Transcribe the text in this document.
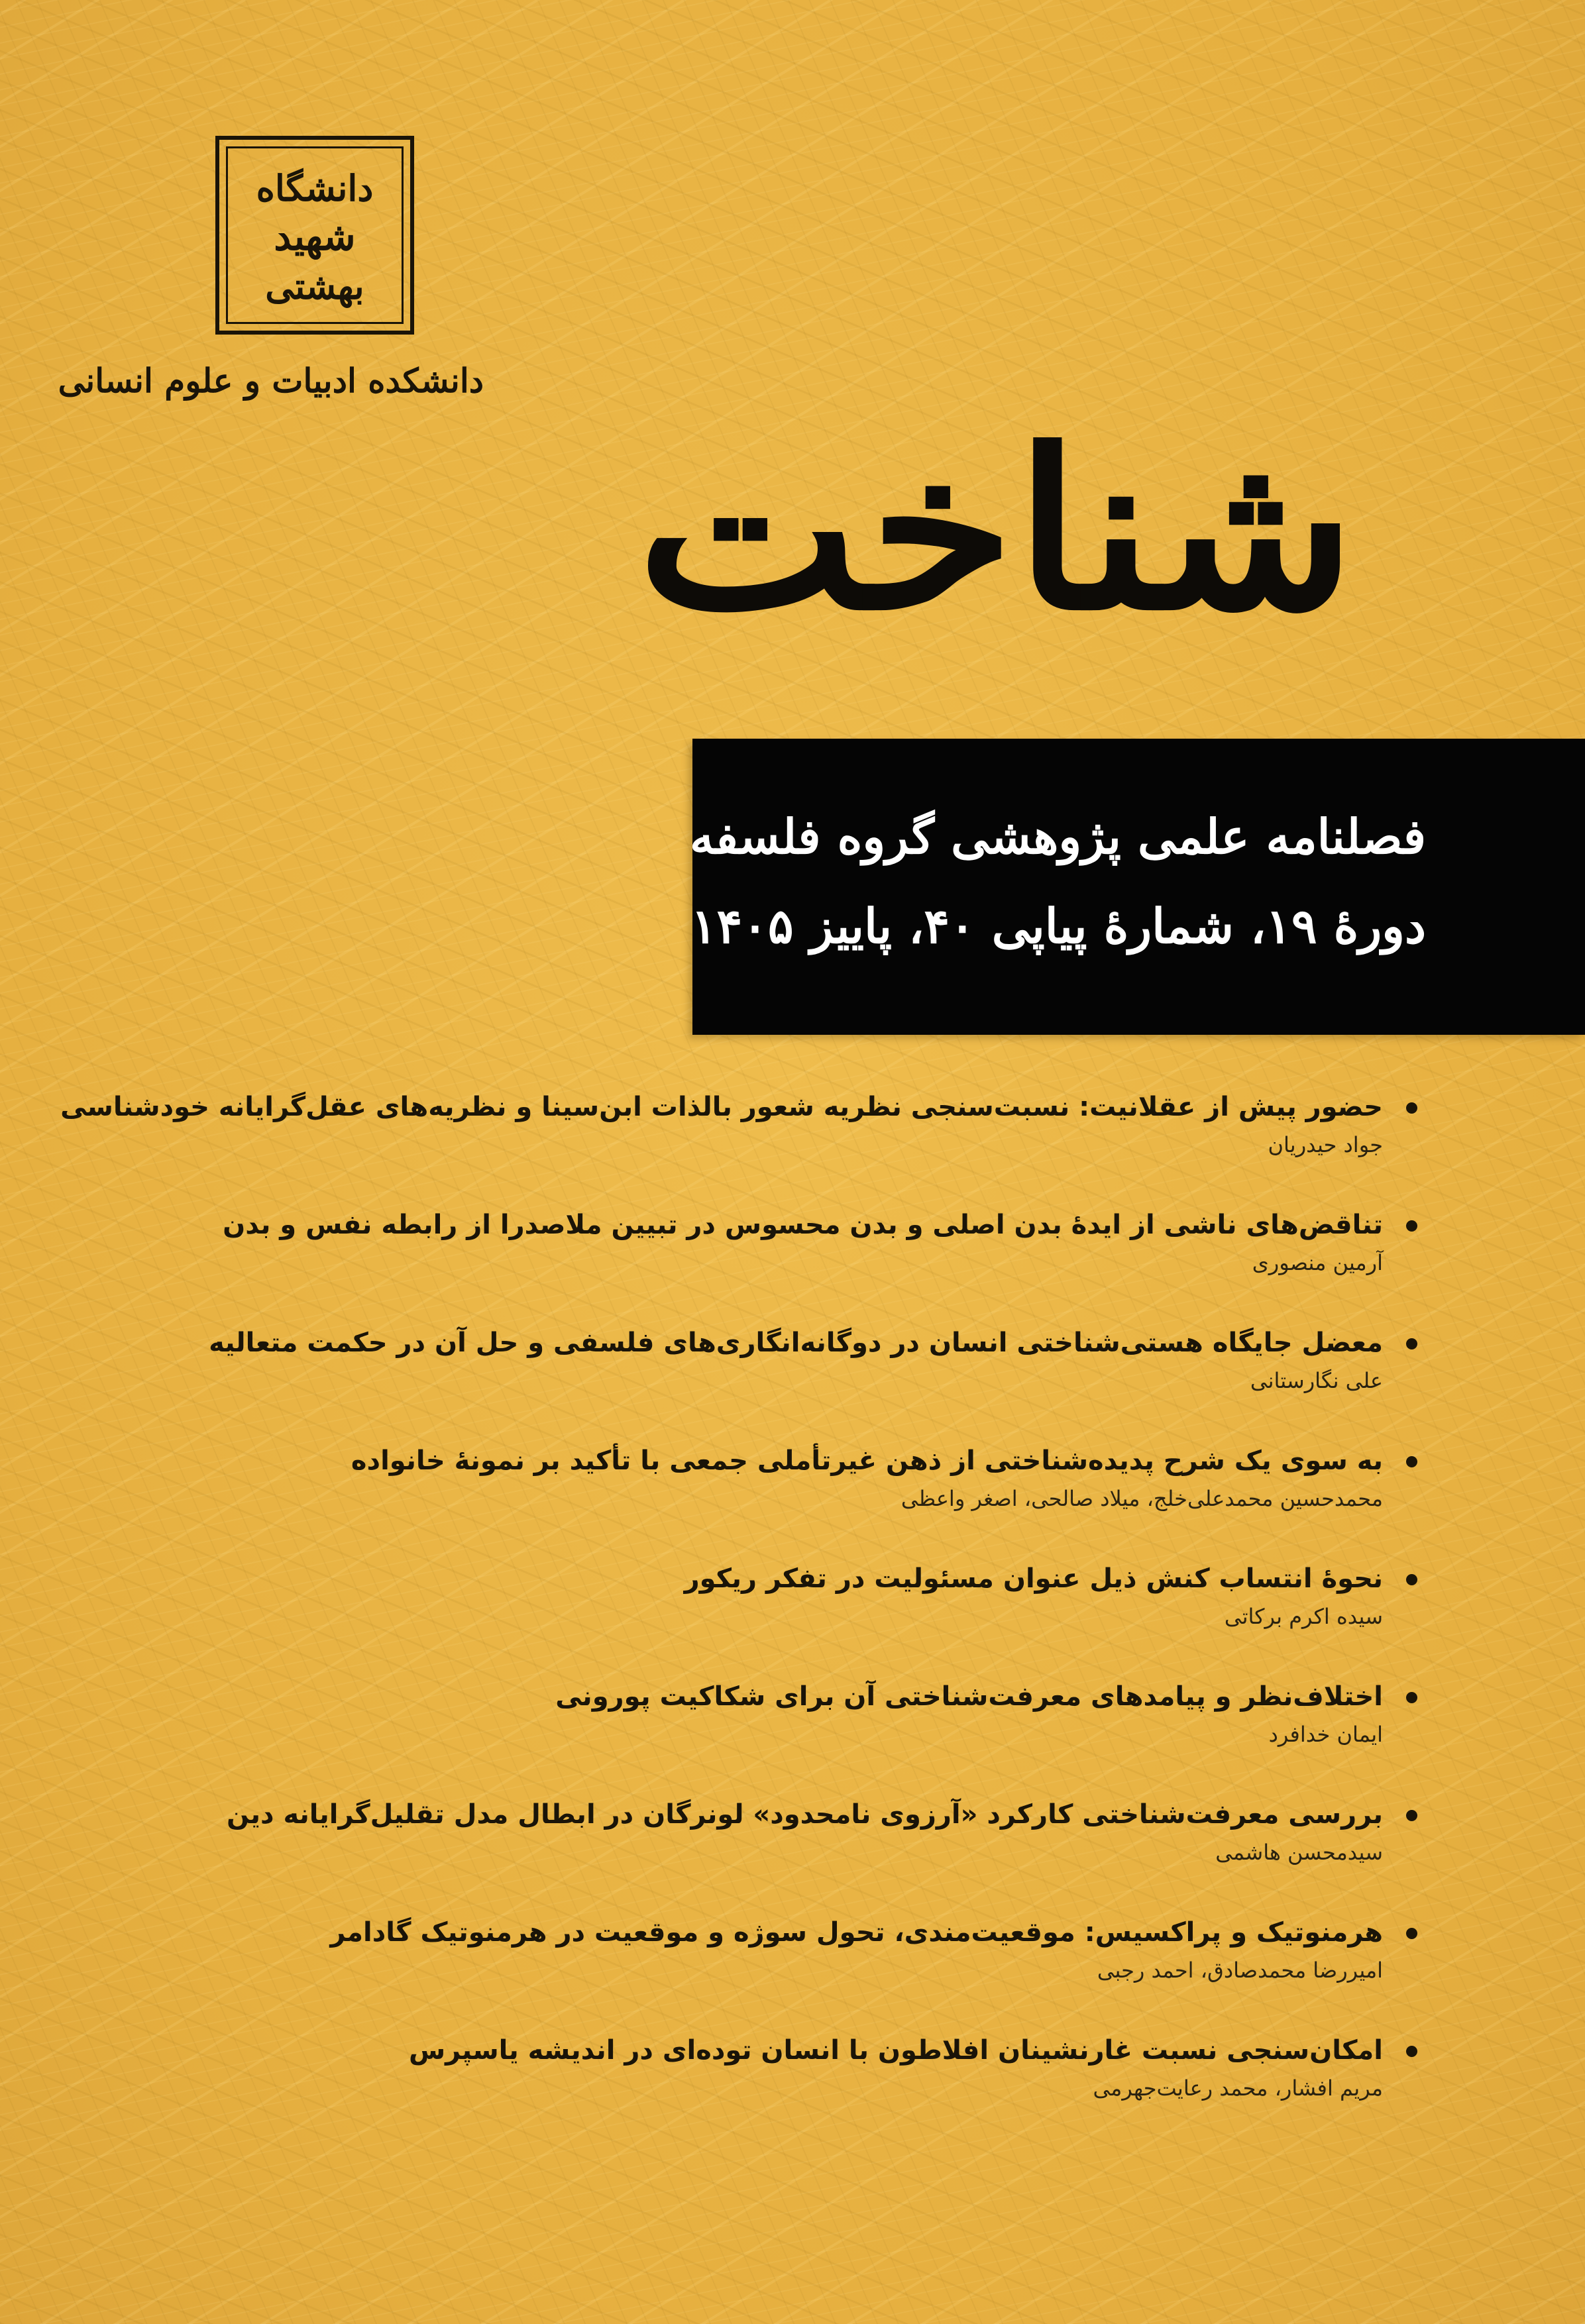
دانشگاه
شهید
بهشتی
دانشکده ادبیات و علوم انسانی
شناخت
فصلنامه علمی پژوهشی گروه فلسفه
دورۀ ۱۹، شمارۀ پیاپی ۴۰، پاییز ۱۴۰۵
حضور پیش از عقلانیت: نسبت‌سنجی نظریه شعور بالذات ابن‌سینا و نظریه‌های عقل‌گرایانه خودشناسی
جواد حیدریان
تناقض‌های ناشی از ایدۀ بدن اصلی و بدن محسوس در تبیین ملاصدرا از رابطه نفس و بدن
آرمین منصوری
معضل جایگاه هستی‌شناختی انسان در دوگانه‌انگاری‌های فلسفی و حل آن در حکمت متعالیه
علی نگارستانی
به سوی یک شرح پدیده‌شناختی از ذهن غیرتأملی جمعی با تأکید بر نمونۀ خانواده
محمدحسین محمدعلی‌خلج، میلاد صالحی، اصغر واعظی
نحوۀ انتساب کنش ذیل عنوان مسئولیت در تفکر ریکور
سیده اکرم برکاتی
اختلاف‌نظر و پیامدهای معرفت‌شناختی آن برای شکاکیت پورونی
ایمان خدافرد
بررسی معرفت‌شناختی کارکرد «آرزوی نامحدود» لونرگان در ابطال مدل تقلیل‌گرایانه دین
سیدمحسن هاشمی
هرمنوتیک و پراکسیس: موقعیت‌مندی، تحول سوژه و موقعیت در هرمنوتیک گادامر
امیررضا محمدصادق، احمد رجبی
امکان‌سنجی نسبت غارنشینان افلاطون با انسان توده‌ای در اندیشه یاسپرس
مریم افشار، محمد رعایت‌جهرمی
